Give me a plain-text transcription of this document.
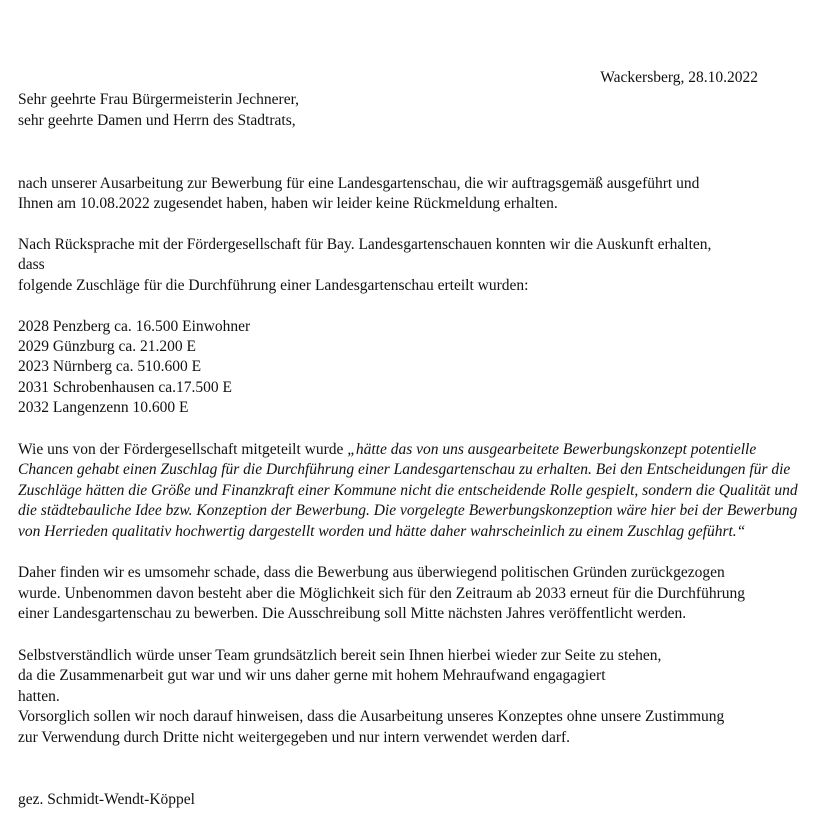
Wackersberg, 28.10.2022
Sehr geehrte Frau Bürgermeisterin Jechnerer,
sehr geehrte Damen und Herrn des Stadtrats,
nach unserer Ausarbeitung zur Bewerbung für eine Landesgartenschau, die wir auftragsgemäß ausgeführt und
Ihnen am 10.08.2022 zugesendet haben, haben wir leider keine Rückmeldung erhalten.
Nach Rücksprache mit der Fördergesellschaft für Bay. Landesgartenschauen konnten wir die Auskunft erhalten,
dass
folgende Zuschläge für die Durchführung einer Landesgartenschau erteilt wurden:
2028 Penzberg ca. 16.500 Einwohner
2029 Günzburg ca. 21.200 E
2023 Nürnberg ca. 510.600 E
2031 Schrobenhausen ca.17.500 E
2032 Langenzenn 10.600 E
Wie uns von der Fördergesellschaft mitgeteilt wurde „hätte das von uns ausgearbeitete Bewerbungskonzept potentielle
Chancen gehabt einen Zuschlag für die Durchführung einer Landesgartenschau zu erhalten. Bei den Entscheidungen für die
Zuschläge hätten die Größe und Finanzkraft einer Kommune nicht die entscheidende Rolle gespielt, sondern die Qualität und
die städtebauliche Idee bzw. Konzeption der Bewerbung. Die vorgelegte Bewerbungskonzeption wäre hier bei der Bewerbung
von Herrieden qualitativ hochwertig dargestellt worden und hätte daher wahrscheinlich zu einem Zuschlag geführt.“
Daher finden wir es umsomehr schade, dass die Bewerbung aus überwiegend politischen Gründen zurückgezogen
wurde. Unbenommen davon besteht aber die Möglichkeit sich für den Zeitraum ab 2033 erneut für die Durchführung
einer Landesgartenschau zu bewerben. Die Ausschreibung soll Mitte nächsten Jahres veröffentlicht werden.
Selbstverständlich würde unser Team grundsätzlich bereit sein Ihnen hierbei wieder zur Seite zu stehen,
da die Zusammenarbeit gut war und wir uns daher gerne mit hohem Mehraufwand engagagiert
hatten.
Vorsorglich sollen wir noch darauf hinweisen, dass die Ausarbeitung unseres Konzeptes ohne unsere Zustimmung
zur Verwendung durch Dritte nicht weitergegeben und nur intern verwendet werden darf.
gez. Schmidt-Wendt-Köppel
